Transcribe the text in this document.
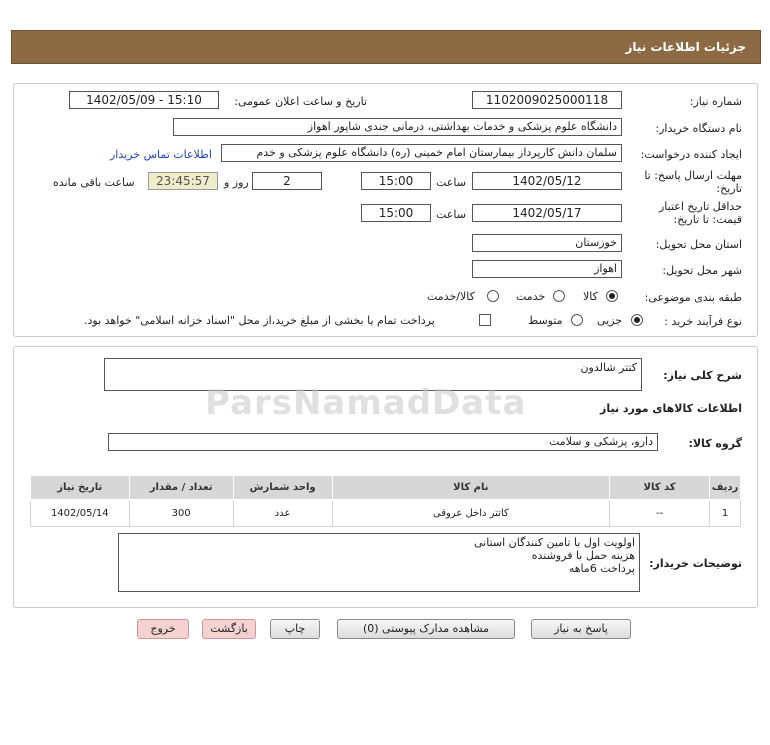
جزئیات اطلاعات نیاز
شماره نیاز:
1102009025000118
تاریخ و ساعت اعلان عمومی:
1402/05/09 - 15:10
نام دستگاه خریدار:
دانشگاه علوم پزشکی و خدمات بهداشتی، درمانی جندی شاپور اهواز
ایجاد کننده درخواست:
سلمان دانش کارپرداز بیمارستان امام خمینی (ره) دانشگاه علوم پزشکی و خدم
اطلاعات تماس خریدار
مهلت ارسال پاسخ: تا
تاریخ:
1402/05/12
ساعت
15:00
2
روز و
23:45:57
ساعت باقی مانده
حداقل تاریخ اعتبار
قیمت: تا تاریخ:
1402/05/17
ساعت
15:00
استان محل تحویل:
خوزستان
شهر محل تحویل:
اهواز
طبقه بندی موضوعی:
کالا
خدمت
کالا/خدمت
نوع فرآیند خرید :
جزیی
متوسط
پرداخت تمام یا بخشی از مبلغ خرید،از محل "اسناد خزانه اسلامی" خواهد بود.
شرح کلی نیاز:
کتتر شالدون
اطلاعات کالاهای مورد نیاز
گروه کالا:
دارو، پزشکی و سلامت
تاریخ نیاز	تعداد / مقدار	واحد شمارش	نام کالا	کد کالا	ردیف
1402/05/14	300	عدد	کاتتر داخل عروقی	--	1
توضیحات خریدار:
اولویت اول با تامین کنندگان استانی
هزینه حمل با فروشنده
پرداخت 6ماهه
ParsNamadData
پاسخ به نیاز
مشاهده مدارک پیوستی (0)
چاپ
بازگشت
خروج
